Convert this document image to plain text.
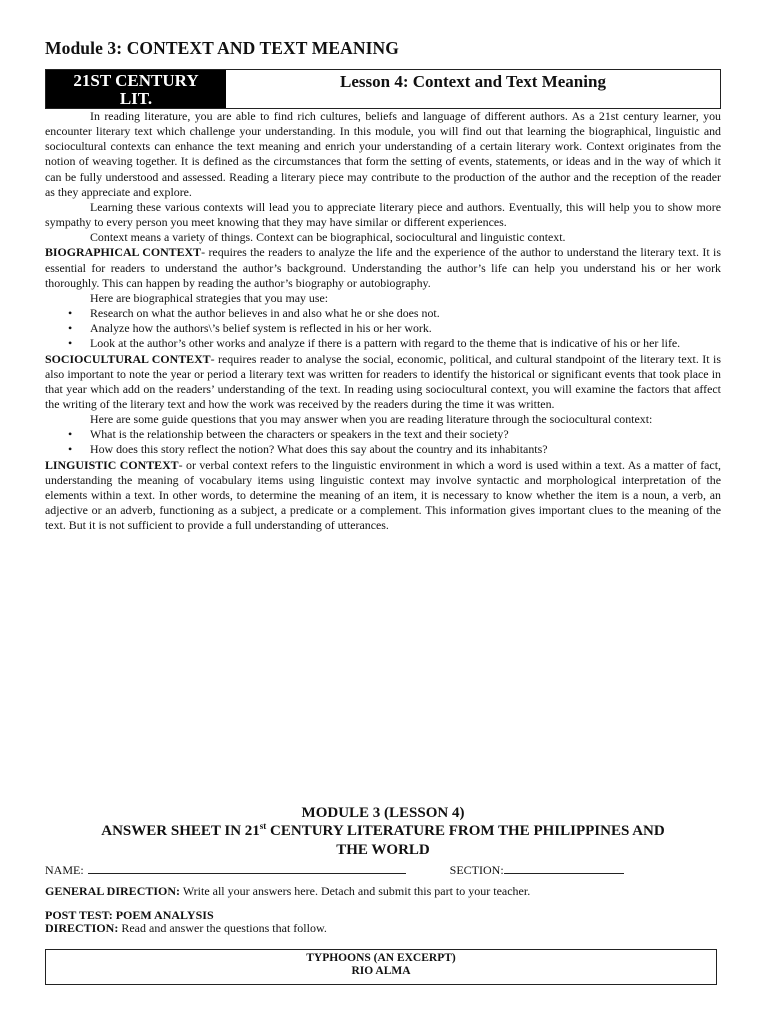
Module 3: CONTEXT AND TEXT MEANING
21ST CENTURY
LIT.
Lesson 4: Context and Text Meaning

In reading literature, you are able to find rich cultures, beliefs and language of different authors. As a 21st century learner, you encounter literary text which challenge your understanding. In this module, you will find out that learning the biographical, linguistic and sociocultural contexts can enhance the text meaning and enrich your understanding of a certain literary work. Context originates from the notion of weaving together. It is defined as the circumstances that form the setting of events, statements, or ideas and in the way of which it can be fully understood and assessed. Reading a literary piece may contribute to the production of the author and the reception of the reader as they appreciate and explore.

Learning these various contexts will lead you to appreciate literary piece and authors. Eventually, this will help you to show more sympathy to every person you meet knowing that they may have similar or different experiences.

Context means a variety of things. Context can be biographical, sociocultural and linguistic context.

BIOGRAPHICAL CONTEXT- requires the readers to analyze the life and the experience of the author to understand the literary text. It is essential for readers to understand the author’s background. Understanding the author’s life can help you understand his or her work thoroughly. This can happen by reading the author’s biography or autobiography.

Here are biographical strategies that you may use:

• Research on what the author believes in and also what he or she does not.
• Analyze how the authors\’s belief system is reflected in his or her work.
• Look at the author’s other works and analyze if there is a pattern with regard to the theme that is indicative of his or her life.

SOCIOCULTURAL CONTEXT- requires reader to analyse the social, economic, political, and cultural standpoint of the literary text. It is also important to note the year or period a literary text was written for readers to identify the historical or significant events that took place in that year which add on the readers’ understanding of the text. In reading using sociocultural context, you will examine the factors that affect the writing of the literary text and how the work was received by the readers during the time it was written.

Here are some guide questions that you may answer when you are reading literature through the sociocultural context:

• What is the relationship between the characters or speakers in the text and their society?
• How does this story reflect the notion? What does this say about the country and its inhabitants?

LINGUISTIC CONTEXT- or verbal context refers to the linguistic environment in which a word is used within a text. As a matter of fact, understanding the meaning of vocabulary items using linguistic context may involve syntactic and morphological interpretation of the elements within a text. In other words, to determine the meaning of an item, it is necessary to know whether the item is a noun, a verb, an adjective or an adverb, functioning as a subject, a predicate or a complement. This information gives important clues to the meaning of the text. But it is not sufficient to provide a full understanding of utterances.

MODULE 3 (LESSON 4)
ANSWER SHEET IN 21st CENTURY LITERATURE FROM THE PHILIPPINES AND
THE WORLD
NAME:	SECTION:
GENERAL DIRECTION: Write all your answers here. Detach and submit this part to your teacher.
POST TEST: POEM ANALYSIS
DIRECTION: Read and answer the questions that follow.
TYPHOONS (AN EXCERPT)
RIO ALMA
